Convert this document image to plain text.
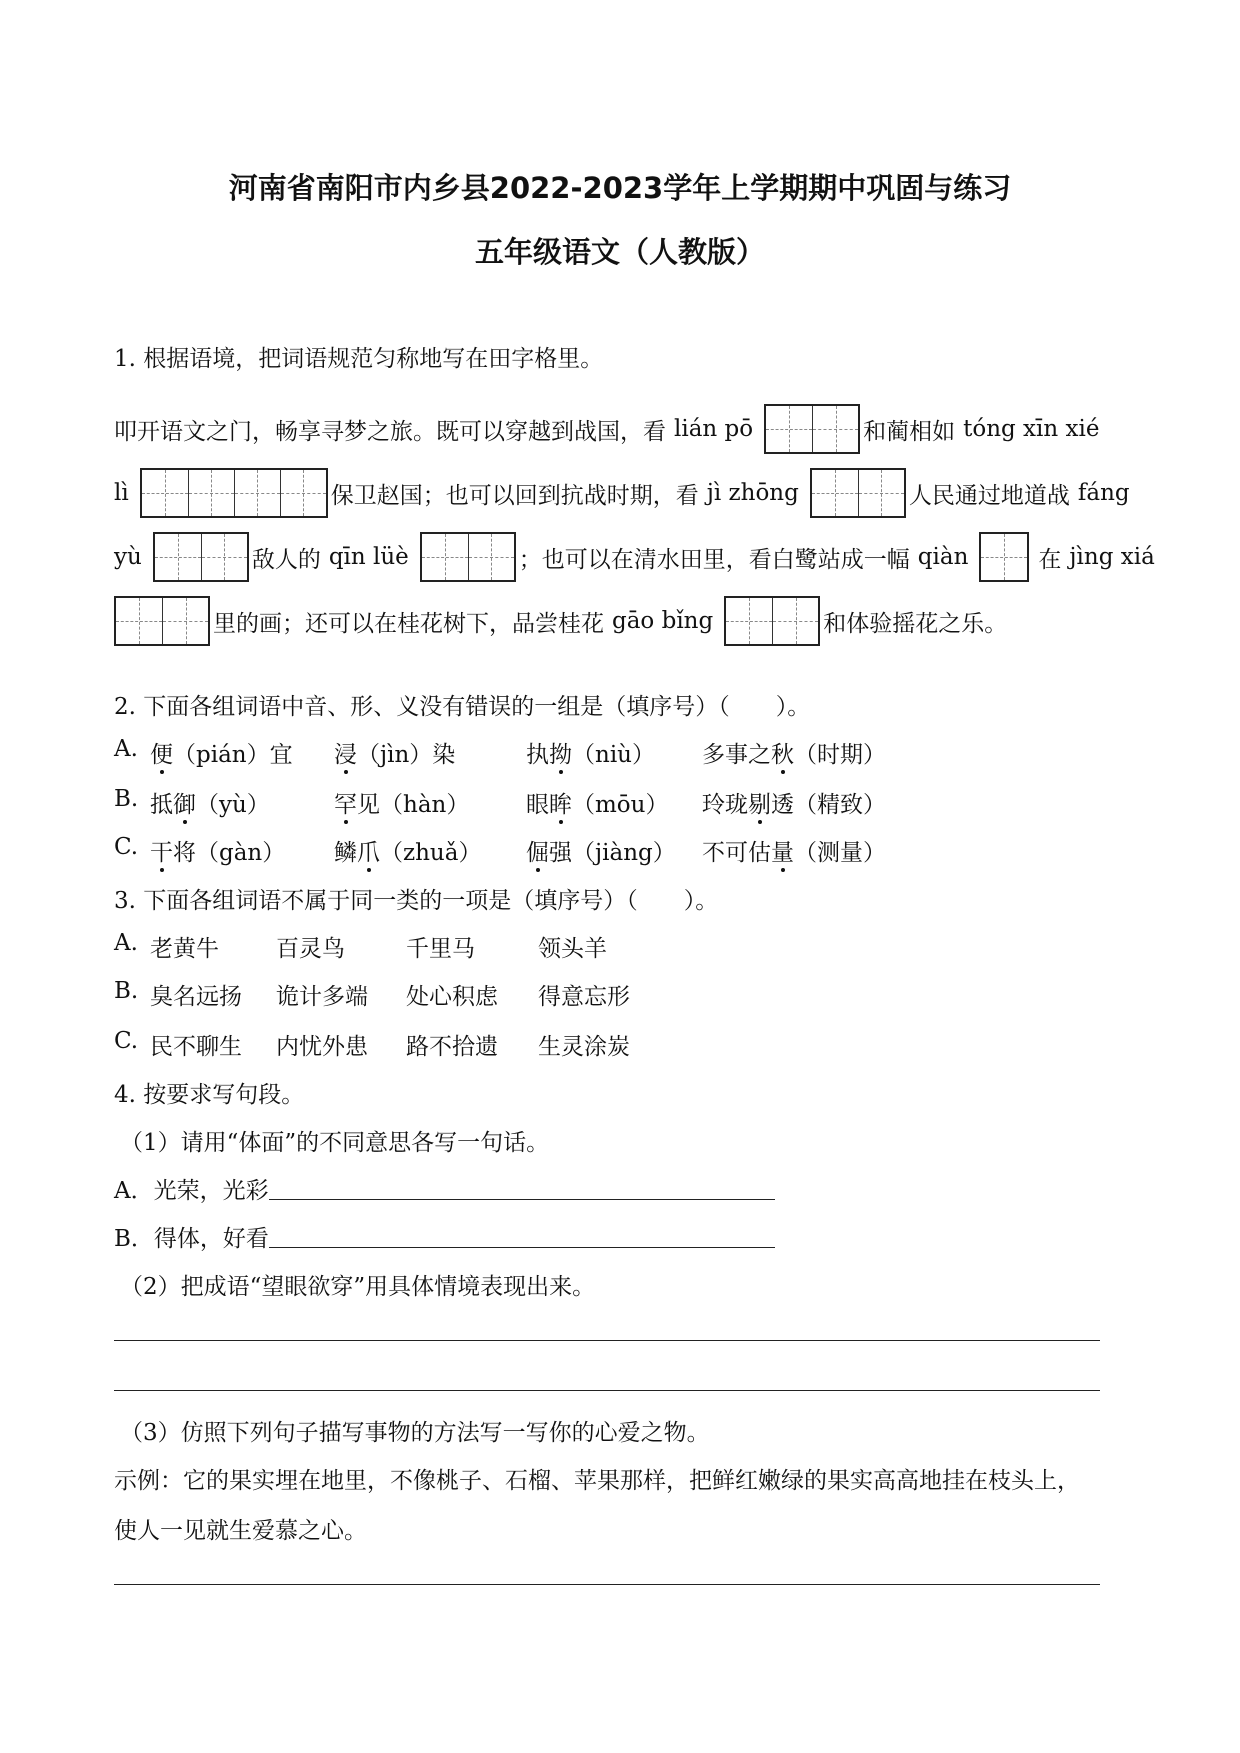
河南省南阳市内乡县2022-2023学年上学期期中巩固与练习
五年级语文（人教版）
1. 根据语境，把词语规范匀称地写在田字格里。
叩开语文之门，畅享寻梦之旅。既可以穿越到战国，看 lián pō	和蔺相如 tóng xīn xié
lì	保卫赵国；也可以回到抗战时期，看 jì zhōng	人民通过地道战 fáng
yù	敌人的 qīn lüè	；也可以在清水田里，看白鹭站成一幅 qiàn	在 jìng xiá
里的画；还可以在桂花树下，品尝桂花 gāo bǐng	和体验摇花之乐。
2. 下面各组词语中音、形、义没有错误的一组是（填序号）（　　）。
A. 便（pián）宜 浸（jìn）染	执拗（niù） 多事之秋（时期）
B. 抵御（yù）	罕见（hàn） 眼眸（mōu） 玲珑剔透（精致）
C. 干将（gàn） 鳞爪（zhuǎ） 倔强（jiàng） 不可估量（测量）
3. 下面各组词语不属于同一类的一项是（填序号）（　　）。
A. 老黄牛 百灵鸟	千里马	领头羊
B. 臭名远扬 诡计多端 处心积虑 得意忘形
C. 民不聊生 内忧外患 路不拾遗 生灵涂炭
4. 按要求写句段。
（1）请用“体面”的不同意思各写一句话。
A．光荣，光彩
B．得体，好看
（2）把成语“望眼欲穿”用具体情境表现出来。
（3）仿照下列句子描写事物的方法写一写你的心爱之物。
示例：它的果实埋在地里，不像桃子、石榴、苹果那样，把鲜红嫩绿的果实高高地挂在枝头上，
使人一见就生爱慕之心。
